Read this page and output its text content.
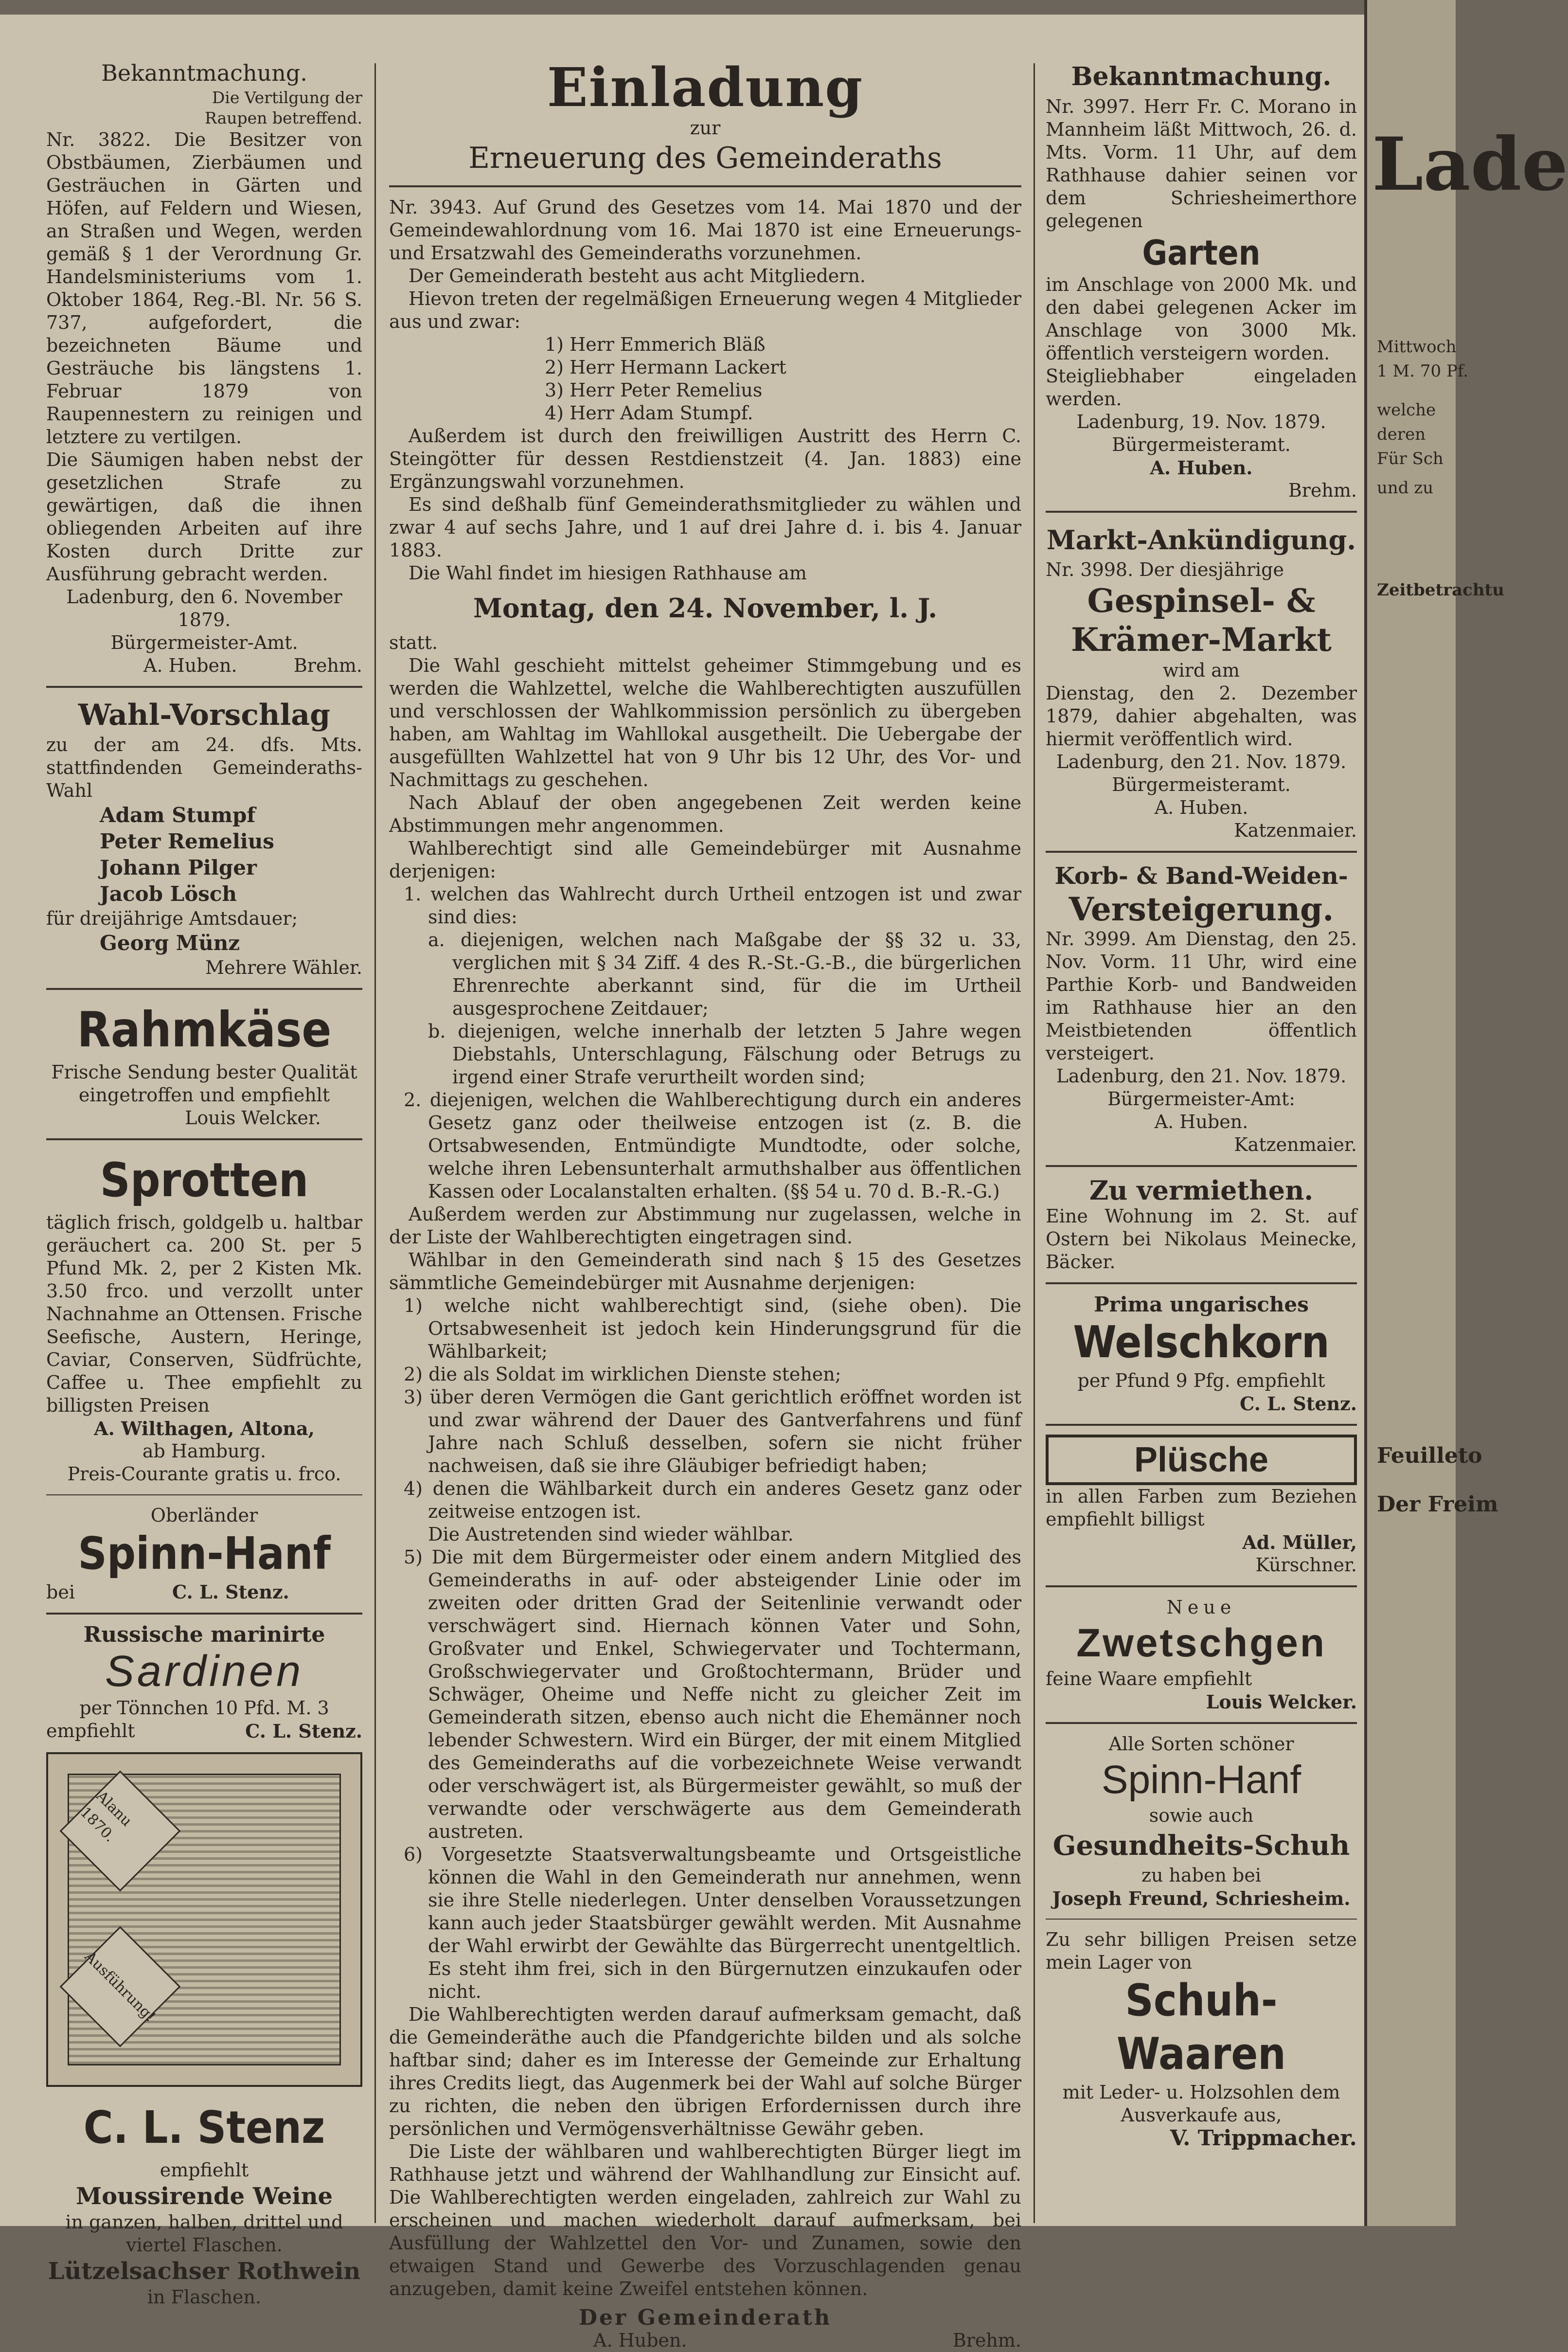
Bekanntmachung.

Die Vertilgung der Raupen betreffend.

Nr. 3822. Die Besitzer von Obstbäumen, Zierbäumen und Gesträuchen in Gärten und Höfen, auf Feldern und Wiesen, an Straßen und Wegen, werden gemäß § 1 der Verordnung Gr. Handelsministeriums vom 1. Oktober 1864, Reg.-Bl. Nr. 56 S. 737, aufgefordert, die bezeichneten Bäume und Gesträuche bis längstens 1. Februar 1879 von Raupennestern zu reinigen und letztere zu vertilgen.

Die Säumigen haben nebst der gesetzlichen Strafe zu gewärtigen, daß die ihnen obliegenden Arbeiten auf ihre Kosten durch Dritte zur Ausführung gebracht werden.

Ladenburg, den 6. November 1879.

Bürgermeister-Amt.

A. Huben.	Brehm.

Wahl-Vorschlag

zu der am 24. dfs. Mts. stattfindenden Gemeinderaths-Wahl

Adam Stumpf

Peter Remelius

Johann Pilger

Jacob Lösch

für dreijährige Amtsdauer;

Georg Münz

Mehrere Wähler.

Rahmkäse

Frische Sendung bester Qualität eingetroffen und empfiehlt

Louis Welcker.

Sprotten

täglich frisch, goldgelb u. haltbar geräuchert ca. 200 St. per 5 Pfund Mk. 2, per 2 Kisten Mk. 3.50 frco. und verzollt unter Nachnahme an Ottensen. Frische Seefische, Austern, Heringe, Caviar, Conserven, Südfrüchte, Caffee u. Thee empfiehlt zu billigsten Preisen

A. Wilthagen, Altona,

ab Hamburg.

Preis-Courante gratis u. frco.

Oberländer

Spinn-Hanf

bei	C. L. Stenz.

Russische marinirte

Sardinen

per Tönnchen 10 Pfd. M. 3

empfiehlt	C. L. Stenz.

Alanu 1870.
Ausführung!

C. L. Stenz

empfiehlt

Moussirende Weine

in ganzen, halben, drittel und viertel Flaschen.

Lützelsachser Rothwein

in Flaschen.

Einladung

zur

Erneuerung des Gemeinderaths

Nr. 3943. Auf Grund des Gesetzes vom 14. Mai 1870 und der Gemeindewahlordnung vom 16. Mai 1870 ist eine Erneuerungs- und Ersatzwahl des Gemeinderaths vorzunehmen.

Der Gemeinderath besteht aus acht Mitgliedern.

Hievon treten der regelmäßigen Erneuerung wegen 4 Mitglieder aus und zwar:

1) Herr Emmerich Bläß

2) Herr Hermann Lackert

3) Herr Peter Remelius

4) Herr Adam Stumpf.

Außerdem ist durch den freiwilligen Austritt des Herrn C. Steingötter für dessen Restdienstzeit (4. Jan. 1883) eine Ergänzungswahl vorzunehmen.

Es sind deßhalb fünf Gemeinderathsmitglieder zu wählen und zwar 4 auf sechs Jahre, und 1 auf drei Jahre d. i. bis 4. Januar 1883.

Die Wahl findet im hiesigen Rathhause am

Montag, den 24. November, l. J.

statt.

Die Wahl geschieht mittelst geheimer Stimmgebung und es werden die Wahlzettel, welche die Wahlberechtigten auszufüllen und verschlossen der Wahlkommission persönlich zu übergeben haben, am Wahltag im Wahllokal ausgetheilt. Die Uebergabe der ausgefüllten Wahlzettel hat von 9 Uhr bis 12 Uhr, des Vor- und Nachmittags zu geschehen.

Nach Ablauf der oben angegebenen Zeit werden keine Abstimmungen mehr angenommen.

Wahlberechtigt sind alle Gemeindebürger mit Ausnahme derjenigen:

1. welchen das Wahlrecht durch Urtheil entzogen ist und zwar sind dies:

a. diejenigen, welchen nach Maßgabe der §§ 32 u. 33, verglichen mit § 34 Ziff. 4 des R.-St.-G.-B., die bürgerlichen Ehrenrechte aberkannt sind, für die im Urtheil ausgesprochene Zeitdauer;

b. diejenigen, welche innerhalb der letzten 5 Jahre wegen Diebstahls, Unterschlagung, Fälschung oder Betrugs zu irgend einer Strafe verurtheilt worden sind;

2. diejenigen, welchen die Wahlberechtigung durch ein anderes Gesetz ganz oder theilweise entzogen ist (z. B. die Ortsabwesenden, Entmündigte Mundtodte, oder solche, welche ihren Lebensunterhalt armuthshalber aus öffentlichen Kassen oder Localanstalten erhalten. (§§ 54 u. 70 d. B.-R.-G.)

Außerdem werden zur Abstimmung nur zugelassen, welche in der Liste der Wahlberechtigten eingetragen sind.

Wählbar in den Gemeinderath sind nach § 15 des Gesetzes sämmtliche Gemeindebürger mit Ausnahme derjenigen:

1) welche nicht wahlberechtigt sind, (siehe oben). Die Ortsabwesenheit ist jedoch kein Hinderungsgrund für die Wählbarkeit;

2) die als Soldat im wirklichen Dienste stehen;

3) über deren Vermögen die Gant gerichtlich eröffnet worden ist und zwar während der Dauer des Gantverfahrens und fünf Jahre nach Schluß desselben, sofern sie nicht früher nachweisen, daß sie ihre Gläubiger befriedigt haben;

4) denen die Wählbarkeit durch ein anderes Gesetz ganz oder zeitweise entzogen ist.

Die Austretenden sind wieder wählbar.

5) Die mit dem Bürgermeister oder einem andern Mitglied des Gemeinderaths in auf- oder absteigender Linie oder im zweiten oder dritten Grad der Seitenlinie verwandt oder verschwägert sind. Hiernach können Vater und Sohn, Großvater und Enkel, Schwiegervater und Tochtermann, Großschwiegervater und Großtochtermann, Brüder und Schwäger, Oheime und Neffe nicht zu gleicher Zeit im Gemeinderath sitzen, ebenso auch nicht die Ehemänner noch lebender Schwestern. Wird ein Bürger, der mit einem Mitglied des Gemeinderaths auf die vorbezeichnete Weise verwandt oder verschwägert ist, als Bürgermeister gewählt, so muß der verwandte oder verschwägerte aus dem Gemeinderath austreten.

6) Vorgesetzte Staatsverwaltungsbeamte und Ortsgeistliche können die Wahl in den Gemeinderath nur annehmen, wenn sie ihre Stelle niederlegen. Unter denselben Voraussetzungen kann auch jeder Staatsbürger gewählt werden. Mit Ausnahme der Wahl erwirbt der Gewählte das Bürgerrecht unentgeltlich. Es steht ihm frei, sich in den Bürgernutzen einzukaufen oder nicht.

Die Wahlberechtigten werden darauf aufmerksam gemacht, daß die Gemeinderäthe auch die Pfandgerichte bilden und als solche haftbar sind; daher es im Interesse der Gemeinde zur Erhaltung ihres Credits liegt, das Augenmerk bei der Wahl auf solche Bürger zu richten, die neben den übrigen Erfordernissen durch ihre persönlichen und Vermögensverhältnisse Gewähr geben.

Die Liste der wählbaren und wahlberechtigten Bürger liegt im Rathhause jetzt und während der Wahlhandlung zur Einsicht auf. Die Wahlberechtigten werden eingeladen, zahlreich zur Wahl zu erscheinen und machen wiederholt darauf aufmerksam, bei Ausfüllung der Wahlzettel den Vor- und Zunamen, sowie den etwaigen Stand und Gewerbe des Vorzuschlagenden genau anzugeben, damit keine Zweifel entstehen können.

Der Gemeinderath

A. Huben.	Brehm.

Bekanntmachung.

Nr. 3997. Herr Fr. C. Morano in Mannheim läßt Mittwoch, 26. d. Mts. Vorm. 11 Uhr, auf dem Rathhause dahier seinen vor dem Schriesheimerthore gelegenen

Garten

im Anschlage von 2000 Mk. und den dabei gelegenen Acker im Anschlage von 3000 Mk. öffentlich versteigern worden.

Steigliebhaber eingeladen werden.

Ladenburg, 19. Nov. 1879.

Bürgermeisteramt.

A. Huben.

Brehm.

Markt-Ankündigung.

Nr. 3998. Der diesjährige

Gespinsel- &

Krämer-Markt

wird am

Dienstag, den 2. Dezember 1879, dahier abgehalten, was hiermit veröffentlich wird.

Ladenburg, den 21. Nov. 1879.

Bürgermeisteramt.

A. Huben.

Katzenmaier.

Korb- & Band-Weiden-

Versteigerung.

Nr. 3999. Am Dienstag, den 25. Nov. Vorm. 11 Uhr, wird eine Parthie Korb- und Bandweiden im Rathhause hier an den Meistbietenden öffentlich versteigert.

Ladenburg, den 21. Nov. 1879.

Bürgermeister-Amt:

A. Huben.

Katzenmaier.

Zu vermiethen.

Eine Wohnung im 2. St. auf Ostern bei Nikolaus Meinecke, Bäcker.

Prima ungarisches

Welschkorn

per Pfund 9 Pfg. empfiehlt

C. L. Stenz.

Plüsche

in allen Farben zum Beziehen empfiehlt billigst

Ad. Müller,

Kürschner.

Neue

Zwetschgen

feine Waare empfiehlt

Louis Welcker.

Alle Sorten schöner

Spinn-Hanf

sowie auch

Gesundheits-Schuh

zu haben bei

Joseph Freund, Schriesheim.

Zu sehr billigen Preisen setze mein Lager von

Schuh-Waaren

mit Leder- u. Holzsohlen dem Ausverkaufe aus,

V. Trippmacher.

Lade

Mittwoch

1 M. 70 Pf.

welche

deren

Für Sch

und zu

Zeitbetrachtu

Feuilleto

Der Freim
